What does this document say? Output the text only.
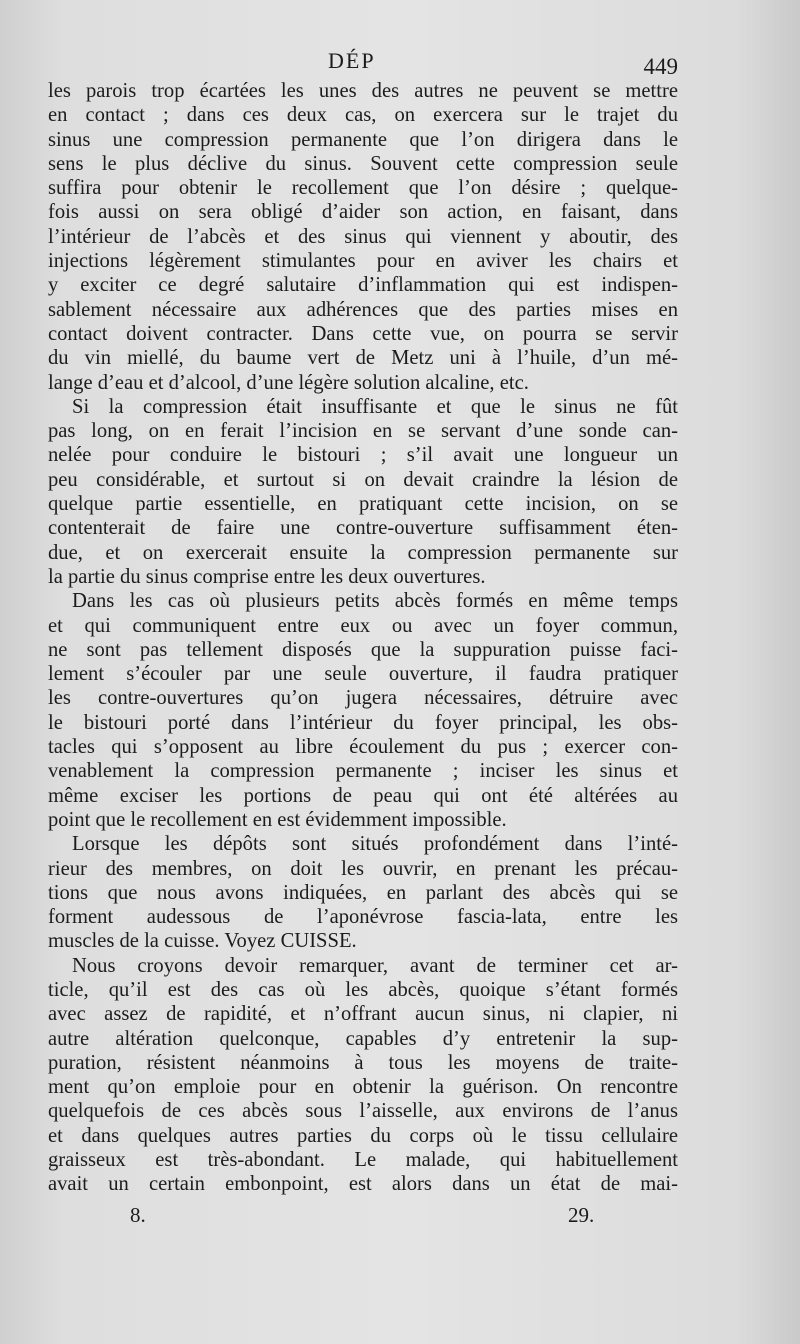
DÉP	449
les parois trop écartées les unes des autres ne peuvent se mettre
en contact ; dans ces deux cas, on exercera sur le trajet du
sinus une compression permanente que l’on dirigera dans le
sens le plus déclive du sinus. Souvent cette compression seule
suffira pour obtenir le recollement que l’on désire ; quelque-
fois aussi on sera obligé d’aider son action, en faisant, dans
l’intérieur de l’abcès et des sinus qui viennent y aboutir, des
injections légèrement stimulantes pour en aviver les chairs et
y exciter ce degré salutaire d’inflammation qui est indispen-
sablement nécessaire aux adhérences que des parties mises en
contact doivent contracter. Dans cette vue, on pourra se servir
du vin miellé, du baume vert de Metz uni à l’huile, d’un mé-
lange d’eau et d’alcool, d’une légère solution alcaline, etc.
Si la compression était insuffisante et que le sinus ne fût
pas long, on en ferait l’incision en se servant d’une sonde can-
nelée pour conduire le bistouri ; s’il avait une longueur un
peu considérable, et surtout si on devait craindre la lésion de
quelque partie essentielle, en pratiquant cette incision, on se
contenterait de faire une contre-ouverture suffisamment éten-
due, et on exercerait ensuite la compression permanente sur
la partie du sinus comprise entre les deux ouvertures.
Dans les cas où plusieurs petits abcès formés en même temps
et qui communiquent entre eux ou avec un foyer commun,
ne sont pas tellement disposés que la suppuration puisse faci-
lement s’écouler par une seule ouverture, il faudra pratiquer
les contre-ouvertures qu’on jugera nécessaires, détruire avec
le bistouri porté dans l’intérieur du foyer principal, les obs-
tacles qui s’opposent au libre écoulement du pus ; exercer con-
venablement la compression permanente ; inciser les sinus et
même exciser les portions de peau qui ont été altérées au
point que le recollement en est évidemment impossible.
Lorsque les dépôts sont situés profondément dans l’inté-
rieur des membres, on doit les ouvrir, en prenant les précau-
tions que nous avons indiquées, en parlant des abcès qui se
forment audessous de l’aponévrose fascia-lata, entre les
muscles de la cuisse. Voyez CUISSE.
Nous croyons devoir remarquer, avant de terminer cet ar-
ticle, qu’il est des cas où les abcès, quoique s’étant formés
avec assez de rapidité, et n’offrant aucun sinus, ni clapier, ni
autre altération quelconque, capables d’y entretenir la sup-
puration, résistent néanmoins à tous les moyens de traite-
ment qu’on emploie pour en obtenir la guérison. On rencontre
quelquefois de ces abcès sous l’aisselle, aux environs de l’anus
et dans quelques autres parties du corps où le tissu cellulaire
graisseux est très-abondant. Le malade, qui habituellement
avait un certain embonpoint, est alors dans un état de mai-
8.	29.
